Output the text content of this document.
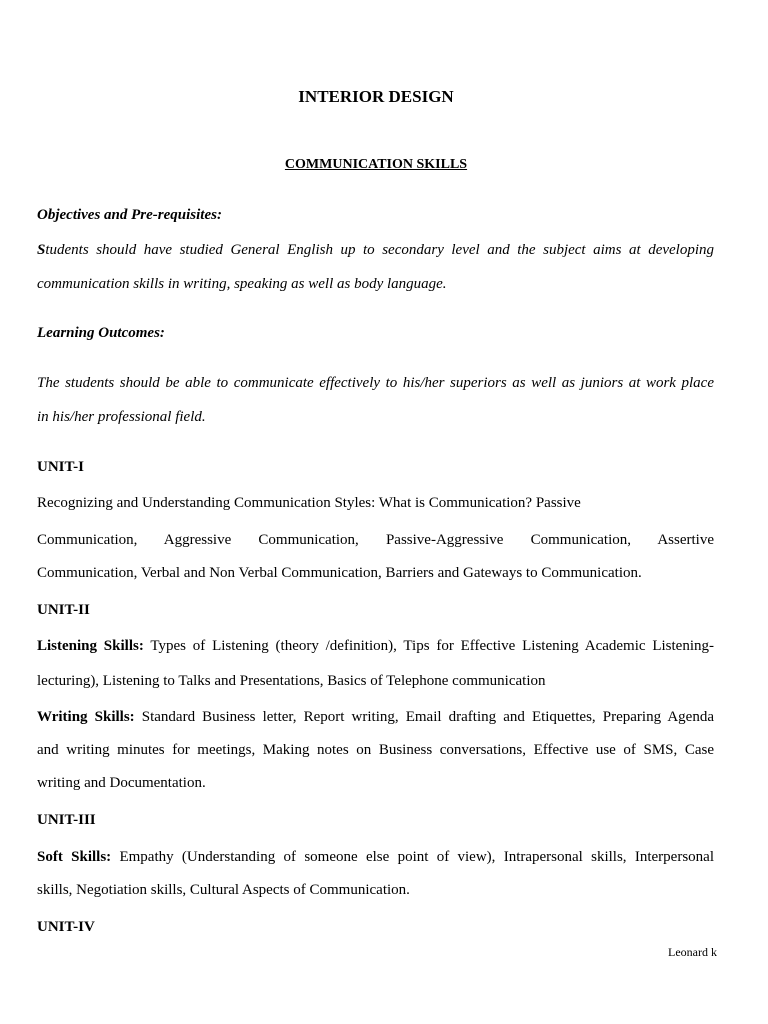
INTERIOR DESIGN
COMMUNICATION SKILLS
Objectives and Pre-requisites:
Students should have studied General English up to secondary level and the subject aims at developing
communication skills in writing, speaking as well as body language.
Learning Outcomes:
The students should be able to communicate effectively to his/her superiors as well as juniors at work place
in his/her professional field.
UNIT-I
Recognizing and Understanding Communication Styles: What is Communication? Passive
Communication, Aggressive Communication, Passive-Aggressive Communication, Assertive
Communication, Verbal and Non Verbal Communication, Barriers and Gateways to Communication.
UNIT-II
Listening Skills: Types of Listening (theory /definition), Tips for Effective Listening Academic Listening-
lecturing), Listening to Talks and Presentations, Basics of Telephone communication
Writing Skills: Standard Business letter, Report writing, Email drafting and Etiquettes, Preparing Agenda
and writing minutes for meetings, Making notes on Business conversations, Effective use of SMS, Case
writing and Documentation.
UNIT-III
Soft Skills: Empathy (Understanding of someone else point of view), Intrapersonal skills, Interpersonal
skills, Negotiation skills, Cultural Aspects of Communication.
UNIT-IV
Leonard k
